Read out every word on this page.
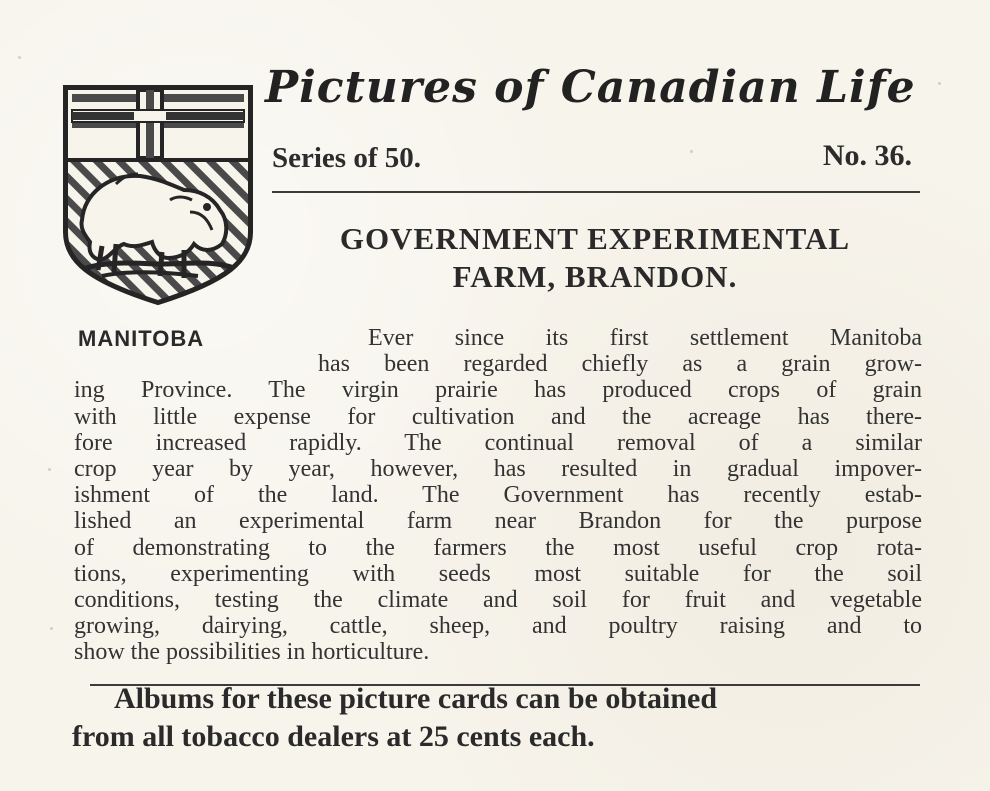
Pictures of Canadian Life
Series of 50.	No. 36.
GOVERNMENT EXPERIMENTAL
FARM, BRANDON.
MANITOBA	Ever since its first settlement Manitoba
has been regarded chiefly as a grain grow-
ing Province. The virgin prairie has produced crops of grain
with little expense for cultivation and the acreage has there-
fore increased rapidly. The continual removal of a similar
crop year by year, however, has resulted in gradual impover-
ishment of the land. The Government has recently estab-
lished an experimental farm near Brandon for the purpose
of demonstrating to the farmers the most useful crop rota-
tions, experimenting with seeds most suitable for the soil
conditions, testing the climate and soil for fruit and vegetable
growing, dairying, cattle, sheep, and poultry raising and to
show the possibilities in horticulture.
Albums for these picture cards can be obtained
from all tobacco dealers at 25 cents each.
